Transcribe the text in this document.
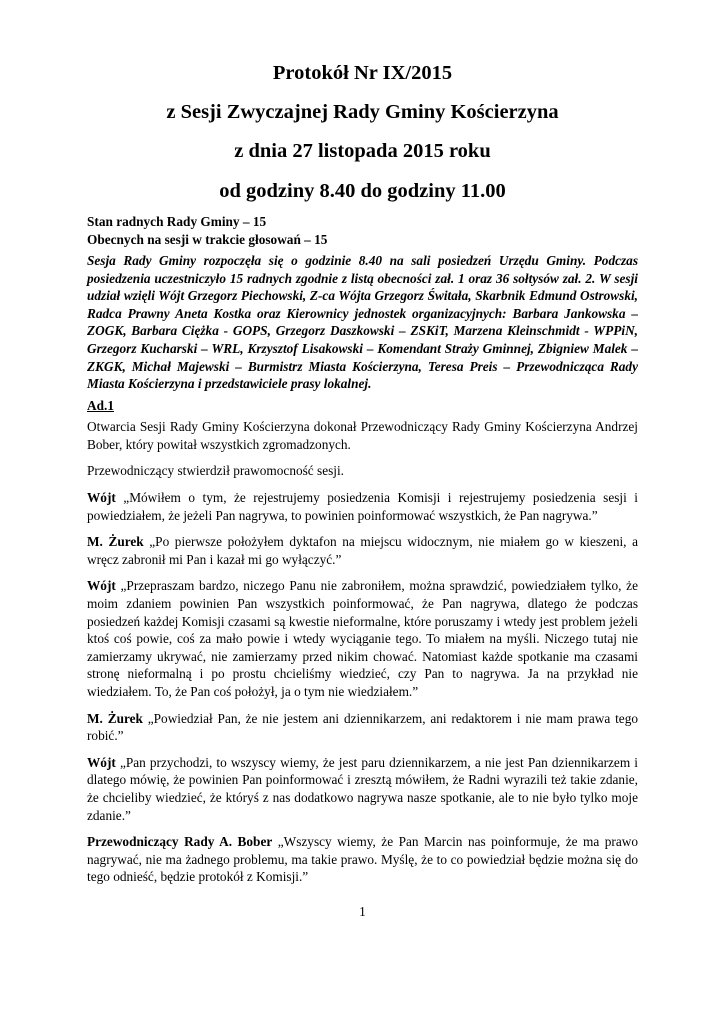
Protokół Nr IX/2015
z Sesji Zwyczajnej Rady Gminy Kościerzyna
z dnia 27 listopada 2015 roku
od godziny 8.40 do godziny 11.00
Stan radnych Rady Gminy – 15
Obecnych na sesji w trakcie głosowań – 15
Sesja Rady Gminy rozpoczęła się o godzinie 8.40 na sali posiedzeń Urzędu Gminy. Podczas posiedzenia uczestniczyło 15 radnych zgodnie z listą obecności zał. 1 oraz 36 sołtysów zał. 2. W sesji udział wzięli Wójt Grzegorz Piechowski, Z-ca Wójta Grzegorz Świtała, Skarbnik Edmund Ostrowski, Radca Prawny Aneta Kostka oraz Kierownicy jednostek organizacyjnych: Barbara Jankowska – ZOGK, Barbara Ciężka - GOPS, Grzegorz Daszkowski – ZSKiT, Marzena Kleinschmidt - WPPiN, Grzegorz Kucharski – WRL, Krzysztof Lisakowski – Komendant Straży Gminnej, Zbigniew Malek – ZKGK, Michał Majewski – Burmistrz Miasta Kościerzyna, Teresa Preis – Przewodnicząca Rady Miasta Kościerzyna i przedstawiciele prasy lokalnej.
Ad.1

Otwarcia Sesji Rady Gminy Kościerzyna dokonał Przewodniczący Rady Gminy Kościerzyna Andrzej Bober, który powitał wszystkich zgromadzonych.

Przewodniczący stwierdził prawomocność sesji.

Wójt „Mówiłem o tym, że rejestrujemy posiedzenia Komisji i rejestrujemy posiedzenia sesji i powiedziałem, że jeżeli Pan nagrywa, to powinien poinformować wszystkich, że Pan nagrywa.”

M. Żurek „Po pierwsze położyłem dyktafon na miejscu widocznym, nie miałem go w kieszeni, a wręcz zabronił mi Pan i kazał mi go wyłączyć.”

Wójt „Przepraszam bardzo, niczego Panu nie zabroniłem, można sprawdzić, powiedziałem tylko, że moim zdaniem powinien Pan wszystkich poinformować, że Pan nagrywa, dlatego że podczas posiedzeń każdej Komisji czasami są kwestie nieformalne, które poruszamy i wtedy jest problem jeżeli ktoś coś powie, coś za mało powie i wtedy wyciąganie tego. To miałem na myśli. Niczego tutaj nie zamierzamy ukrywać, nie zamierzamy przed nikim chować. Natomiast każde spotkanie ma czasami stronę nieformalną i po prostu chcieliśmy wiedzieć, czy Pan to nagrywa. Ja na przykład nie wiedziałem. To, że Pan coś położył, ja o tym nie wiedziałem.”

M. Żurek „Powiedział Pan, że nie jestem ani dziennikarzem, ani redaktorem i nie mam prawa tego robić.”

Wójt „Pan przychodzi, to wszyscy wiemy, że jest paru dziennikarzem, a nie jest Pan dziennikarzem i dlatego mówię, że powinien Pan poinformować i zresztą mówiłem, że Radni wyrazili też takie zdanie, że chcieliby wiedzieć, że któryś z nas dodatkowo nagrywa nasze spotkanie, ale to nie było tylko moje zdanie.”

Przewodniczący Rady A. Bober „Wszyscy wiemy, że Pan Marcin nas poinformuje, że ma prawo nagrywać, nie ma żadnego problemu, ma takie prawo. Myślę, że to co powiedział będzie można się do tego odnieść, będzie protokół z Komisji.”

1
